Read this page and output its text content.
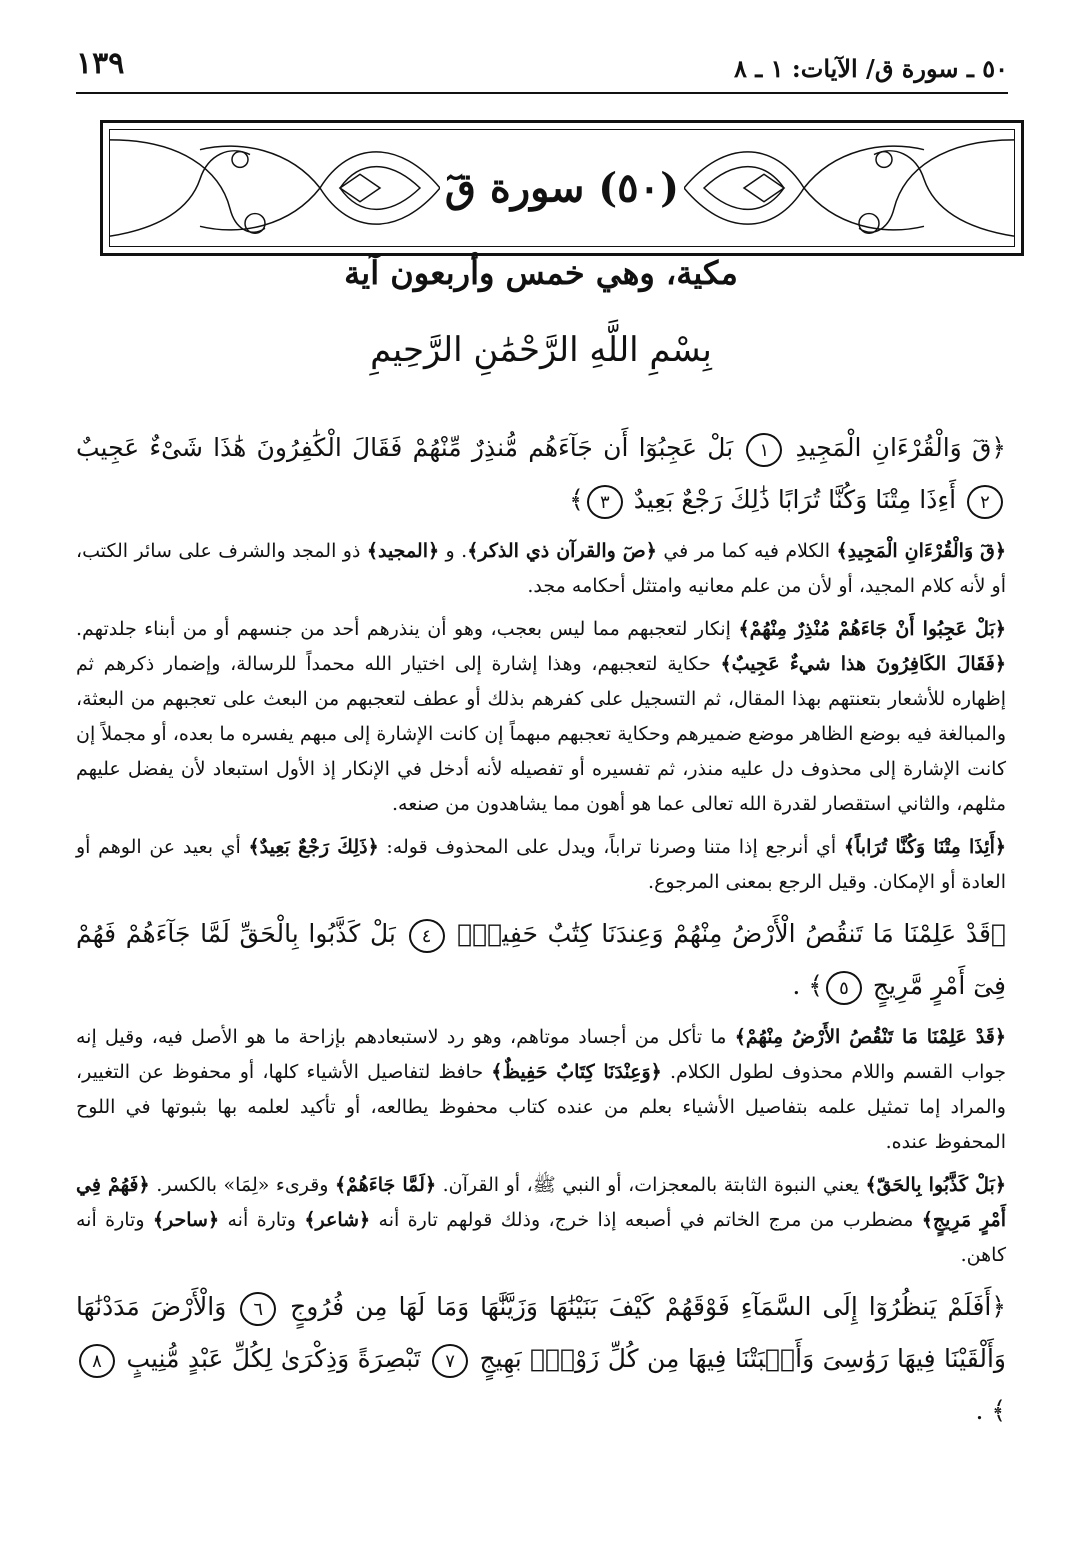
٥٠ ـ سورة ق/ الآيات: ١ ـ ٨
١٣٩
(٥٠) سورة قٓ
مكية، وهي خمس وأربعون آية
بِسْمِ اللَّهِ الرَّحْمَٰنِ الرَّحِيمِ

﴿قٓ وَالْقُرْءَانِ الْمَجِيدِ ١ بَلْ عَجِبُوٓا أَن جَآءَهُم مُّنذِرٌ مِّنْهُمْ فَقَالَ الْكَٰفِرُونَ هَٰذَا شَىْءٌ عَجِيبٌ ٢ أَءِذَا مِتْنَا وَكُنَّا تُرَابًا ذَٰلِكَ رَجْعٌ بَعِيدٌ ٣﴾

﴿قٓ وَالْقُرْءَانِ الْمَجِيدِ﴾ الكلام فيه كما مر في ﴿صٓ والقرآن ذي الذكر﴾. و ﴿المجيد﴾ ذو المجد والشرف على سائر الكتب، أو لأنه كلام المجيد، أو لأن من علم معانيه وامتثل أحكامه مجد.

﴿بَلْ عَجِبُوا أَنْ جَاءَهُمْ مُنْذِرٌ مِنْهُمْ﴾ إنكار لتعجبهم مما ليس بعجب، وهو أن ينذرهم أحد من جنسهم أو من أبناء جلدتهم. ﴿فَقَالَ الكَافِرُونَ هذا شيءٌ عَجِيبٌ﴾ حكاية لتعجبهم، وهذا إشارة إلى اختيار الله محمداً للرسالة، وإضمار ذكرهم ثم إظهاره للأشعار بتعنتهم بهذا المقال، ثم التسجيل على كفرهم بذلك أو عطف لتعجبهم من البعث على تعجبهم من البعثة، والمبالغة فيه بوضع الظاهر موضع ضميرهم وحكاية تعجبهم مبهماً إن كانت الإشارة إلى مبهم يفسره ما بعده، أو مجملاً إن كانت الإشارة إلى محذوف دل عليه منذر، ثم تفسيره أو تفصيله لأنه أدخل في الإنكار إذ الأول استبعاد لأن يفضل عليهم مثلهم، والثاني استقصار لقدرة الله تعالى عما هو أهون مما يشاهدون من صنعه.

﴿أَئِذَا مِتْنَا وَكُنَّا تُرَاباً﴾ أي أنرجع إذا متنا وصرنا تراباً، ويدل على المحذوف قوله: ﴿ذَلِكَ رَجْعٌ بَعِيدٌ﴾ أي بعيد عن الوهم أو العادة أو الإمكان. وقيل الرجع بمعنى المرجوع.

﴿قَدْ عَلِمْنَا مَا تَنقُصُ الْأَرْضُ مِنْهُمْ وَعِندَنَا كِتَٰبٌ حَفِيظٌۢ ٤ بَلْ كَذَّبُوا بِالْحَقِّ لَمَّا جَآءَهُمْ فَهُمْ فِىٓ أَمْرٍ مَّرِيجٍ ٥﴾ .

﴿قَدْ عَلِمْنَا مَا تَنْقُصُ الأَرْضُ مِنْهُمْ﴾ ما تأكل من أجساد موتاهم، وهو رد لاستبعادهم بإزاحة ما هو الأصل فيه، وقيل إنه جواب القسم واللام محذوف لطول الكلام. ﴿وَعِنْدَنَا كِتَابٌ حَفِيظٌ﴾ حافظ لتفاصيل الأشياء كلها، أو محفوظ عن التغيير، والمراد إما تمثيل علمه بتفاصيل الأشياء بعلم من عنده كتاب محفوظ يطالعه، أو تأكيد لعلمه بها بثبوتها في اللوح المحفوظ عنده.

﴿بَلْ كَذَّبُوا بِالحَقّ﴾ يعني النبوة الثابتة بالمعجزات، أو النبي ﷺ، أو القرآن. ﴿لَمَّا جَاءَهُمْ﴾ وقرىء «لِمَا» بالكسر. ﴿فَهُمْ فِي أَمْرٍ مَرِيجٍ﴾ مضطرب من مرج الخاتم في أصبعه إذا خرج، وذلك قولهم تارة أنه ﴿شاعر﴾ وتارة أنه ﴿ساحر﴾ وتارة أنه كاهن.

﴿أَفَلَمْ يَنظُرُوٓا إِلَى السَّمَآءِ فَوْقَهُمْ كَيْفَ بَنَيْنَٰهَا وَزَيَّنَّٰهَا وَمَا لَهَا مِن فُرُوجٍ ٦ وَالْأَرْضَ مَدَدْنَٰهَا وَأَلْقَيْنَا فِيهَا رَوَٰسِىَ وَأَنۢبَتْنَا فِيهَا مِن كُلِّ زَوْجٍۭ بَهِيجٍ ٧ تَبْصِرَةً وَذِكْرَىٰ لِكُلِّ عَبْدٍ مُّنِيبٍ ٨﴾ .
